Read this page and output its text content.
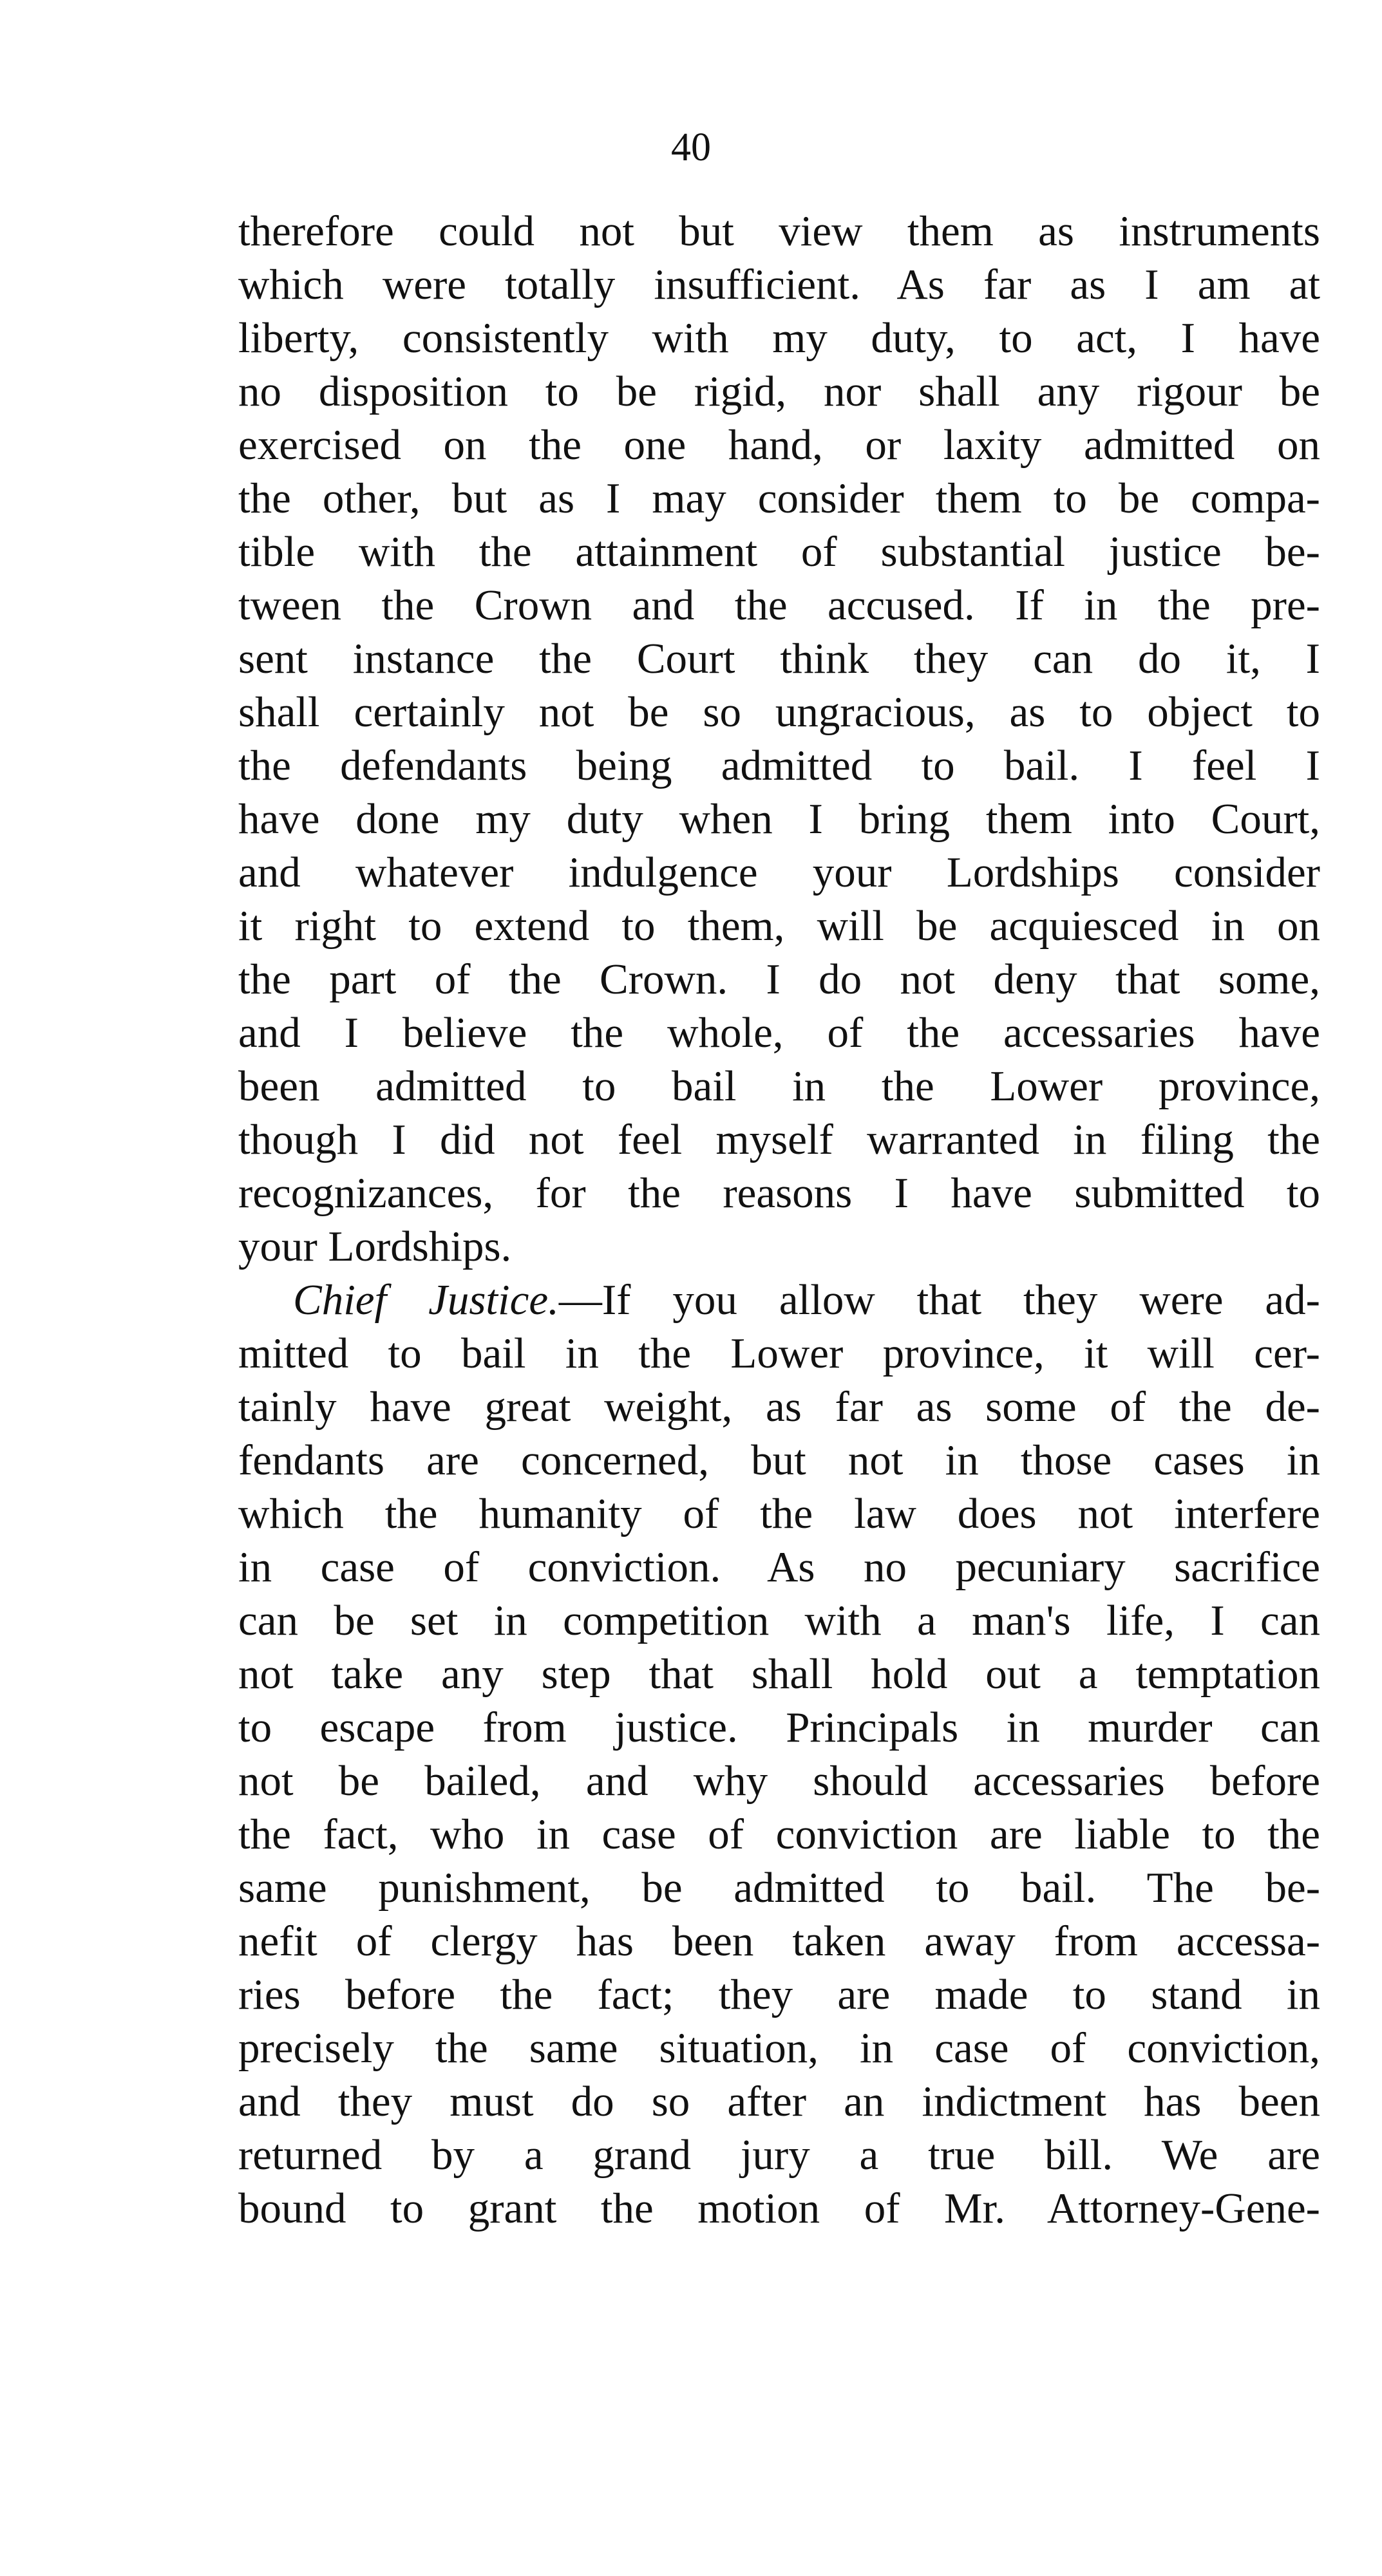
40
therefore could not but view them as instruments
which were totally insufficient. As far as I am at
liberty, consistently with my duty, to act, I have
no disposition to be rigid, nor shall any rigour be
exercised on the one hand, or laxity admitted on
the other, but as I may consider them to be compa-
tible with the attainment of substantial justice be-
tween the Crown and the accused. If in the pre-
sent instance the Court think they can do it, I
shall certainly not be so ungracious, as to object to
the defendants being admitted to bail. I feel I
have done my duty when I bring them into Court,
and whatever indulgence your Lordships consider
it right to extend to them, will be acquiesced in on
the part of the Crown. I do not deny that some,
and I believe the whole, of the accessaries have
been admitted to bail in the Lower province,
though I did not feel myself warranted in filing the
recognizances, for the reasons I have submitted to
your Lordships.
Chief Justice.—If you allow that they were ad-
mitted to bail in the Lower province, it will cer-
tainly have great weight, as far as some of the de-
fendants are concerned, but not in those cases in
which the humanity of the law does not interfere
in case of conviction. As no pecuniary sacrifice
can be set in competition with a man's life, I can
not take any step that shall hold out a temptation
to escape from justice. Principals in murder can
not be bailed, and why should accessaries before
the fact, who in case of conviction are liable to the
same punishment, be admitted to bail. The be-
nefit of clergy has been taken away from accessa-
ries before the fact; they are made to stand in
precisely the same situation, in case of conviction,
and they must do so after an indictment has been
returned by a grand jury a true bill. We are
bound to grant the motion of Mr. Attorney-Gene-
